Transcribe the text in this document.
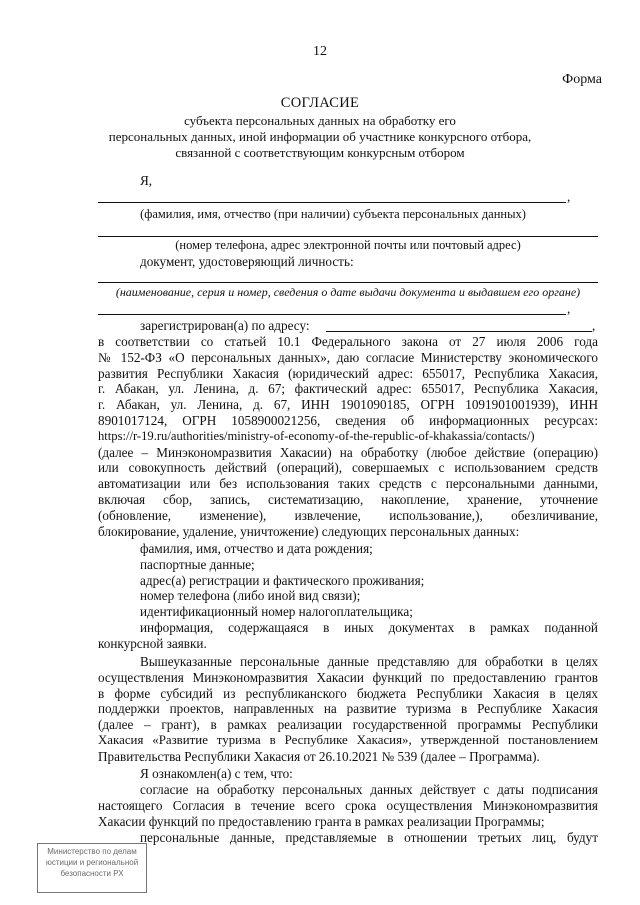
12
Форма
СОГЛАСИЕ
субъекта персональных данных на обработку его
персональных данных, иной информации об участнике конкурсного отбора,
связанной с соответствующим конкурсным отбором
Я,
,
(фамилия, имя, отчество (при наличии) субъекта персональных данных)
(номер телефона, адрес электронной почты или почтовый адрес)
документ, удостоверяющий личность:
(наименование, серия и номер, сведения о дате выдачи документа и выдавшем его органе)
,
зарегистрирован(а) по адресу:	,
в соответствии со статьей 10.1 Федерального закона от 27 июля 2006 года
№ 152-ФЗ «О персональных данных», даю согласие Министерству экономического
развития Республики Хакасия (юридический адрес: 655017, Республика Хакасия,
г. Абакан, ул. Ленина, д. 67; фактический адрес: 655017, Республика Хакасия,
г. Абакан, ул. Ленина, д. 67, ИНН 1901090185, ОГРН 1091901001939), ИНН
8901017124, ОГРН 1058900021256, сведения об информационных ресурсах:
https://r-19.ru/authorities/ministry-of-economy-of-the-republic-of-khakassia/contacts/)
(далее – Минэкономразвития Хакасии) на обработку (любое действие (операцию)
или совокупность действий (операций), совершаемых с использованием средств
автоматизации или без использования таких средств с персональными данными,
включая сбор, запись, систематизацию, накопление, хранение, уточнение
(обновление, изменение), извлечение, использование,), обезличивание,
блокирование, удаление, уничтожение) следующих персональных данных:
фамилия, имя, отчество и дата рождения;
паспортные данные;
адрес(а) регистрации и фактического проживания;
номер телефона (либо иной вид связи);
идентификационный номер налогоплательщика;
информация, содержащаяся в иных документах в рамках поданной
конкурсной заявки.
Вышеуказанные персональные данные представляю для обработки в целях
осуществления Минэкономразвития Хакасии функций по предоставлению грантов
в форме субсидий из республиканского бюджета Республики Хакасия в целях
поддержки проектов, направленных на развитие туризма в Республике Хакасия
(далее – грант), в рамках реализации государственной программы Республики
Хакасия «Развитие туризма в Республике Хакасия», утвержденной постановлением
Правительства Республики Хакасия от 26.10.2021 № 539 (далее – Программа).
Я ознакомлен(а) с тем, что:
согласие на обработку персональных данных действует с даты подписания
настоящего Согласия в течение всего срока осуществления Минэкономразвития
Хакасии функций по предоставлению гранта в рамках реализации Программы;
персональные данные, представляемые в отношении третьих лиц, будут
Министерство по делам
юстиции и региональной
безопасности РХ
